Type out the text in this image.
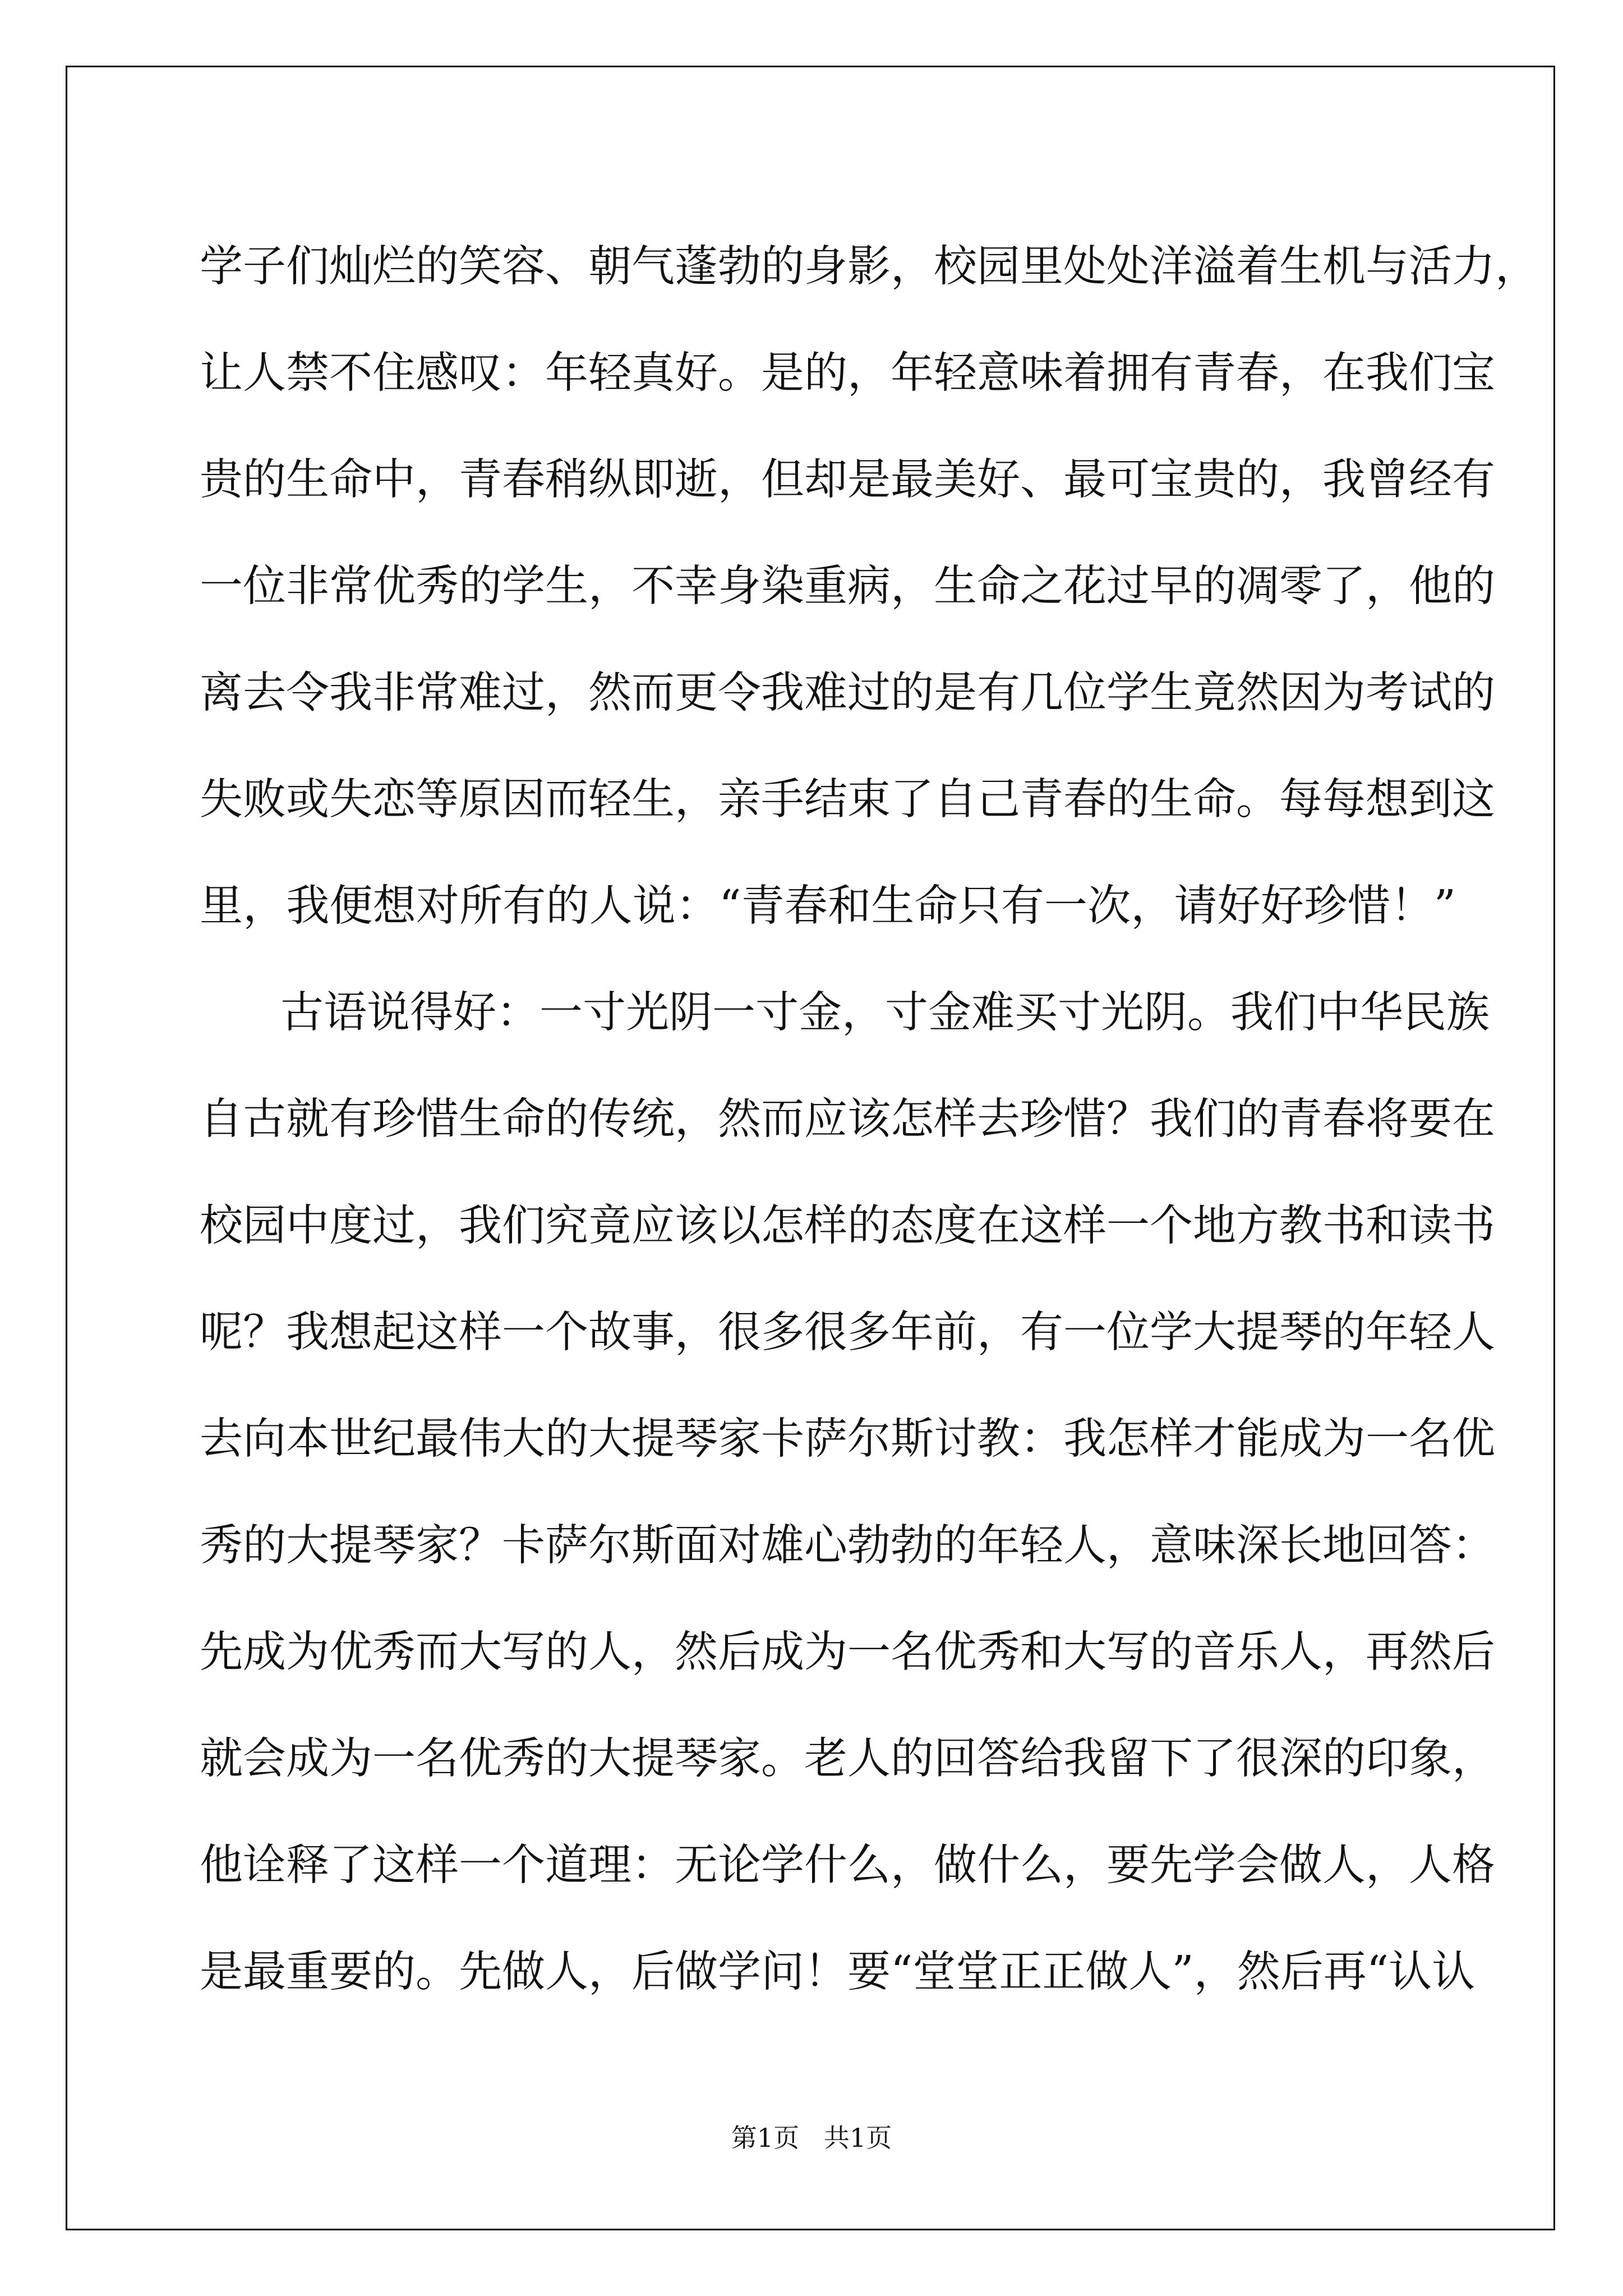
学子们灿烂的笑容、朝气蓬勃的身影，校园里处处洋溢着生机与活力，
让人禁不住感叹：年轻真好。是的，年轻意味着拥有青春，在我们宝
贵的生命中，青春稍纵即逝，但却是最美好、最可宝贵的，我曾经有
一位非常优秀的学生，不幸身染重病，生命之花过早的凋零了，他的
离去令我非常难过，然而更令我难过的是有几位学生竟然因为考试的
失败或失恋等原因而轻生，亲手结束了自己青春的生命。每每想到这
里，我便想对所有的人说：“青春和生命只有一次，请好好珍惜！”
古语说得好：一寸光阴一寸金，寸金难买寸光阴。我们中华民族
自古就有珍惜生命的传统，然而应该怎样去珍惜？我们的青春将要在
校园中度过，我们究竟应该以怎样的态度在这样一个地方教书和读书
呢？我想起这样一个故事，很多很多年前，有一位学大提琴的年轻人
去向本世纪最伟大的大提琴家卡萨尔斯讨教：我怎样才能成为一名优
秀的大提琴家？卡萨尔斯面对雄心勃勃的年轻人，意味深长地回答：
先成为优秀而大写的人，然后成为一名优秀和大写的音乐人，再然后
就会成为一名优秀的大提琴家。老人的回答给我留下了很深的印象，
他诠释了这样一个道理：无论学什么，做什么，要先学会做人，人格
是最重要的。先做人，后做学问！要“堂堂正正做人”，然后再“认认
第1页   共1页
